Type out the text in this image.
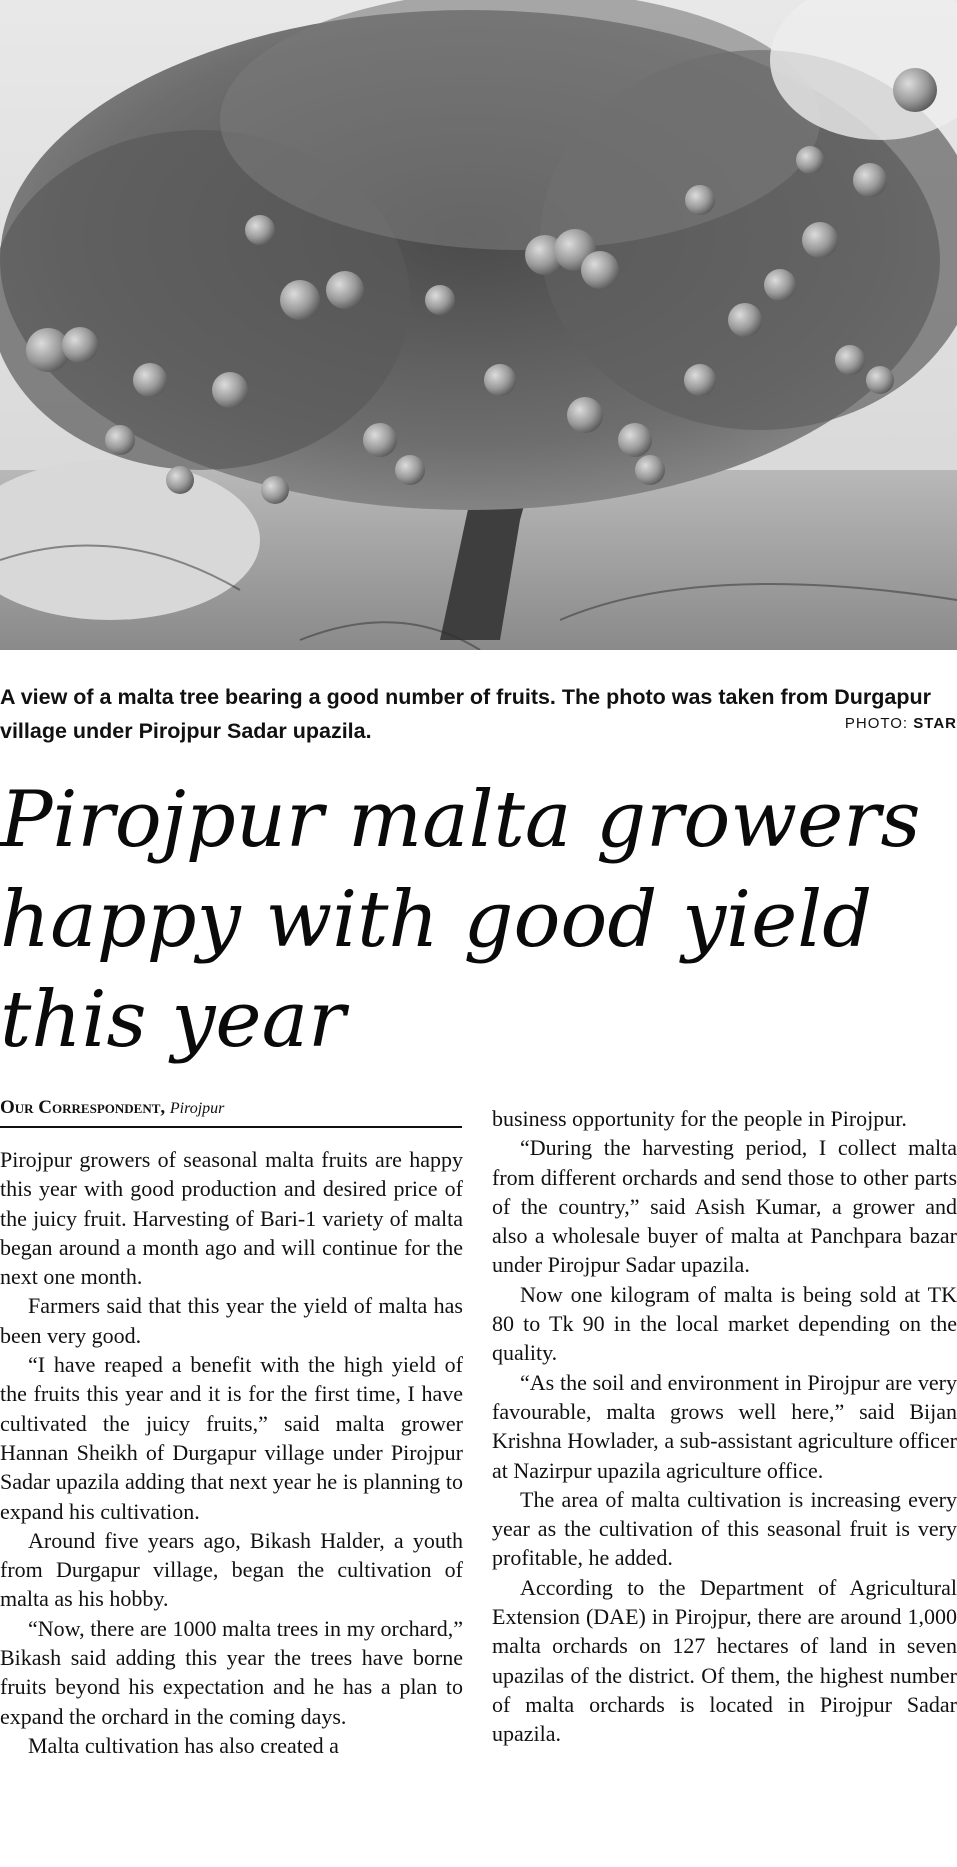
A view of a malta tree bearing a good number of fruits. The photo was taken from Durgapur village under Pirojpur Sadar upazila.	PHOTO: STAR
Pirojpur malta growers happy with good yield this year
Our Correspondent, Pirojpur

Pirojpur growers of seasonal malta fruits are happy this year with good production and desired price of the juicy fruit. Harvesting of Bari-1 variety of malta began around a month ago and will continue for the next one month.

Farmers said that this year the yield of malta has been very good.

“I have reaped a benefit with the high yield of the fruits this year and it is for the first time, I have cultivated the juicy fruits,” said malta grower Hannan Sheikh of Durgapur village under Pirojpur Sadar upazila adding that next year he is planning to expand his cultivation.

Around five years ago, Bikash Halder, a youth from Durgapur village, began the cultivation of malta as his hobby.

“Now, there are 1000 malta trees in my orchard,” Bikash said adding this year the trees have borne fruits beyond his expectation and he has a plan to expand the orchard in the coming days.

Malta cultivation has also created a

business opportunity for the people in Pirojpur.

“During the harvesting period, I collect malta from different orchards and send those to other parts of the country,” said Asish Kumar, a grower and also a wholesale buyer of malta at Panchpara bazar under Pirojpur Sadar upazila.

Now one kilogram of malta is being sold at TK 80 to Tk 90 in the local market depending on the quality.

“As the soil and environment in Pirojpur are very favourable, malta grows well here,” said Bijan Krishna Howlader, a sub-assistant agriculture officer at Nazirpur upazila agriculture office.

The area of malta cultivation is increasing every year as the cultivation of this seasonal fruit is very profitable, he added.

According to the Department of Agricultural Extension (DAE) in Pirojpur, there are around 1,000 malta orchards on 127 hectares of land in seven upazilas of the district. Of them, the highest number of malta orchards is located in Pirojpur Sadar upazila.
